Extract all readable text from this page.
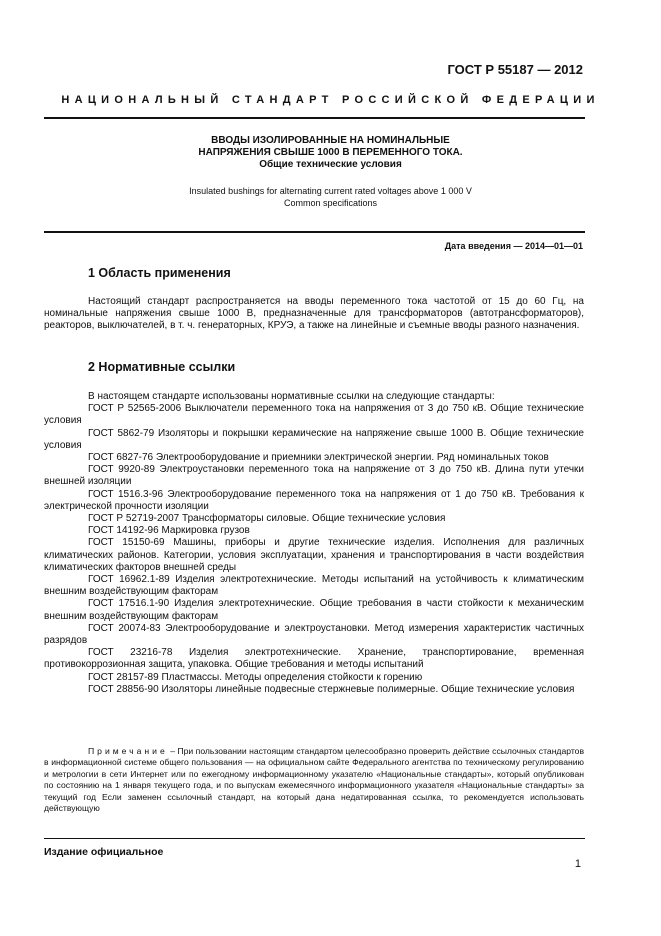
ГОСТ Р 55187 — 2012
НАЦИОНАЛЬНЫЙ СТАНДАРТ РОССИЙСКОЙ ФЕДЕРАЦИИ
ВВОДЫ ИЗОЛИРОВАННЫЕ НА НОМИНАЛЬНЫЕ
НАПРЯЖЕНИЯ СВЫШЕ 1000 В ПЕРЕМЕННОГО ТОКА.
Общие технические условия
Insulated bushings for alternating current rated voltages above 1 000 V
Common specifications
Дата введения — 2014—01—01
1 Область применения

Настоящий стандарт распространяется на вводы переменного тока частотой от 15 до 60 Гц, на номинальные напряжения свыше 1000 В, предназначенные для трансформаторов (автотрансформаторов), реакторов, выключателей, в т. ч. генераторных, КРУЭ, а также на линейные и съемные вводы разного назначения.

2 Нормативные ссылки

В настоящем стандарте использованы нормативные ссылки на следующие стандарты:

ГОСТ Р 52565-2006 Выключатели переменного тока на напряжения от 3 до 750 кВ. Общие технические условия

ГОСТ 5862-79 Изоляторы и покрышки керамические на напряжение свыше 1000 В. Общие технические условия

ГОСТ 6827-76 Электрооборудование и приемники электрической энергии. Ряд номинальных токов

ГОСТ 9920-89 Электроустановки переменного тока на напряжение от 3 до 750 кВ. Длина пути утечки внешней изоляции

ГОСТ 1516.3-96 Электрооборудование переменного тока на напряжения от 1 до 750 кВ. Требования к электрической прочности изоляции

ГОСТ Р 52719-2007 Трансформаторы силовые. Общие технические условия

ГОСТ 14192-96 Маркировка грузов

ГОСТ 15150-69 Машины, приборы и другие технические изделия. Исполнения для различных климатических районов. Категории, условия эксплуатации, хранения и транспортирования в части воздействия климатических факторов внешней среды

ГОСТ 16962.1-89 Изделия электротехнические. Методы испытаний на устойчивость к климатическим внешним воздействующим факторам

ГОСТ 17516.1-90 Изделия электротехнические. Общие требования в части стойкости к механическим внешним воздействующим факторам

ГОСТ 20074-83 Электрооборудование и электроустановки. Метод измерения характеристик частичных разрядов

ГОСТ 23216-78 Изделия электротехнические. Хранение, транспортирование, временная противокоррозионная защита, упаковка. Общие требования и методы испытаний

ГОСТ 28157-89 Пластмассы. Методы определения стойкости к горению

ГОСТ 28856-90 Изоляторы линейные подвесные стержневые полимерные. Общие технические условия

Примечание – При пользовании настоящим стандартом целесообразно проверить действие ссылочных стандартов в информационной системе общего пользования — на официальном сайте Федерального агентства по техническому регулированию и метрологии в сети Интернет или по ежегодному информационному указателю «Национальные стандарты», который опубликован по состоянию на 1 января текущего года, и по выпускам ежемесячного информационного указателя «Национальные стандарты» за текущий год Если заменен ссылочный стандарт, на который дана недатированная ссылка, то рекомендуется использовать действующую
Издание официальное
1
